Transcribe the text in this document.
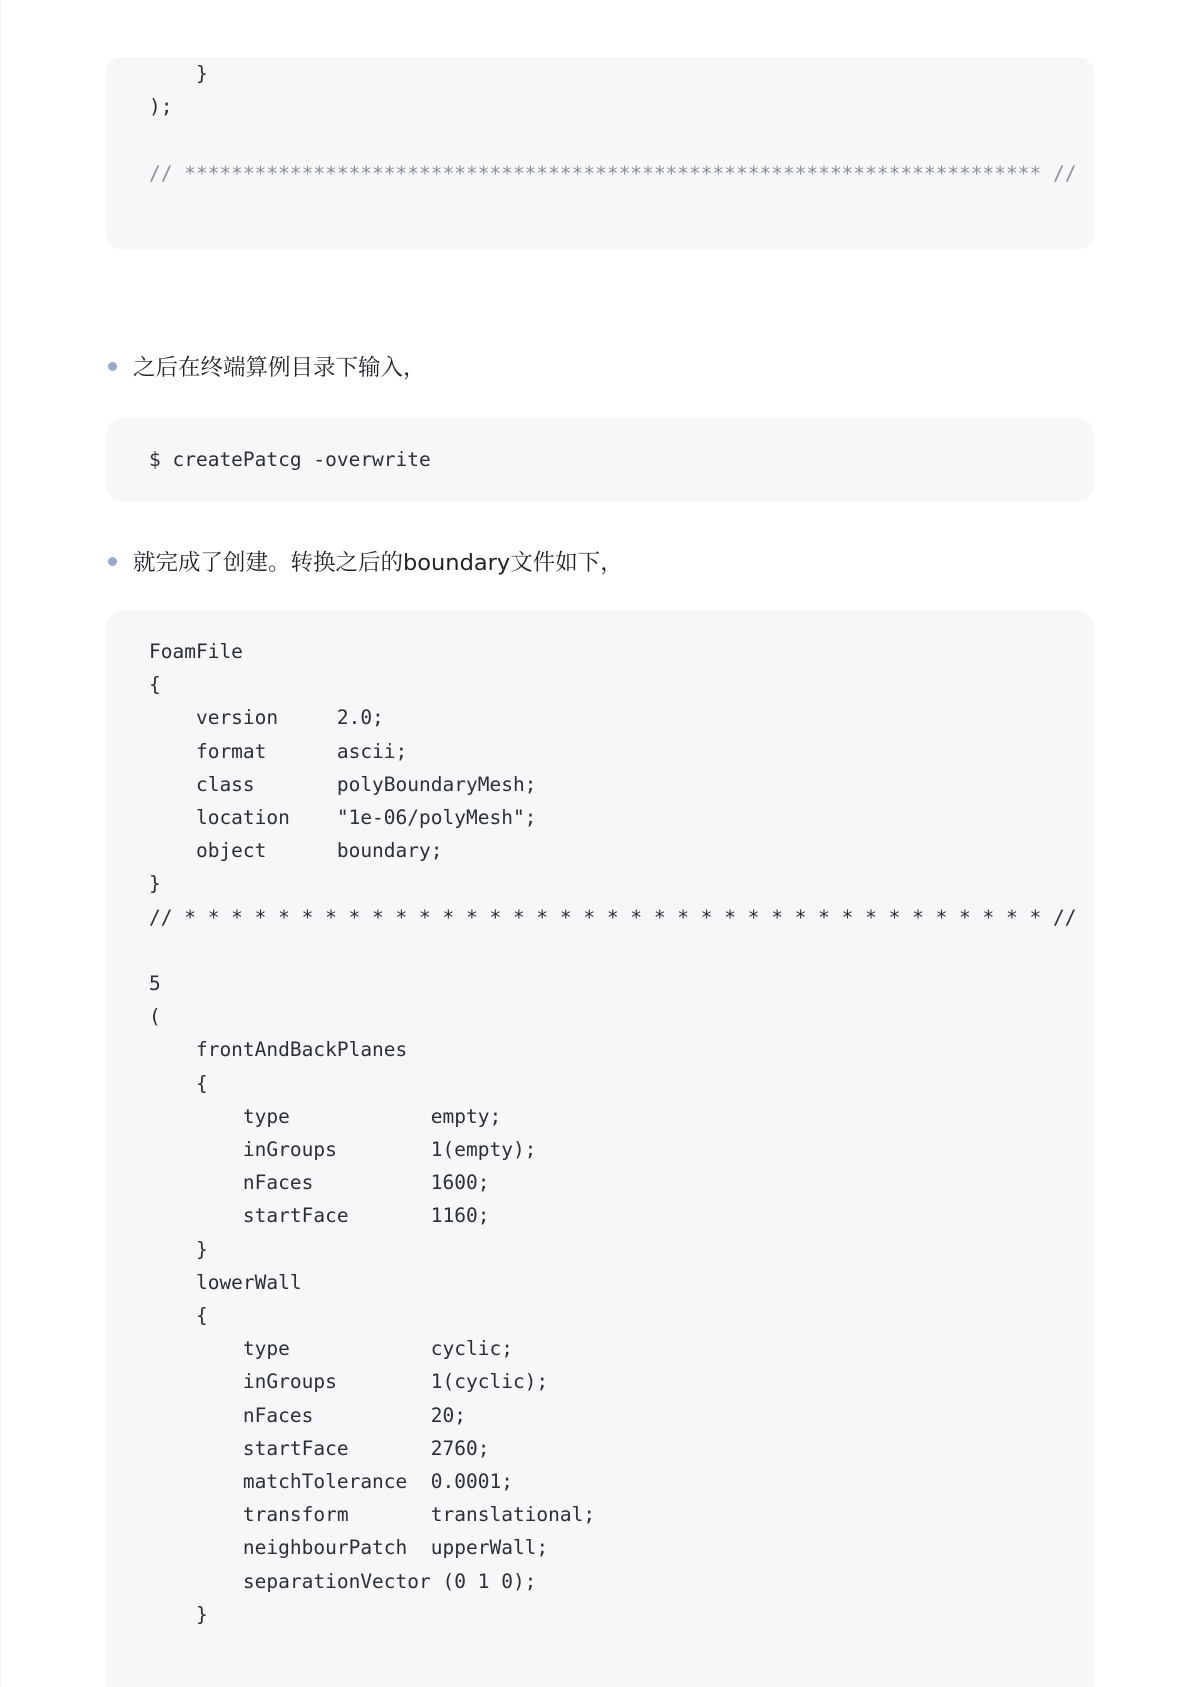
}
);

// ************************************************************************* //
之后在终端算例目录下输入，
$ createPatcg -overwrite
就完成了创建。转换之后的boundary文件如下，
FoamFile
{
version     2.0;
format      ascii;
class       polyBoundaryMesh;
location    "1e-06/polyMesh";
object      boundary;
}
// * * * * * * * * * * * * * * * * * * * * * * * * * * * * * * * * * * * * * //

5
(
frontAndBackPlanes
{
type            empty;
inGroups        1(empty);
nFaces          1600;
startFace       1160;
}
lowerWall
{
type            cyclic;
inGroups        1(cyclic);
nFaces          20;
startFace       2760;
matchTolerance  0.0001;
transform       translational;
neighbourPatch  upperWall;
separationVector (0 1 0);
}
